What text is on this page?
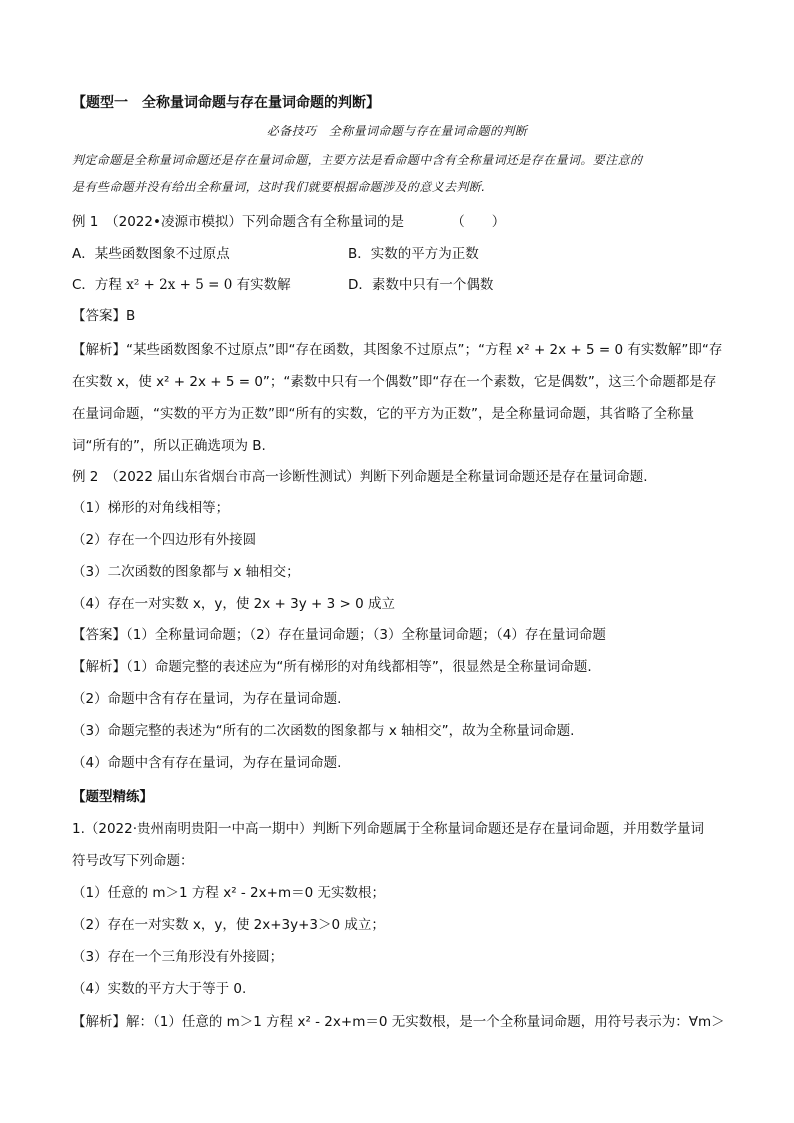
【题型一　全称量词命题与存在量词命题的判断】
必备技巧　全称量词命题与存在量词命题的判断
判定命题是全称量词命题还是存在量词命题，主要方法是看命题中含有全称量词还是存在量词。要注意的
是有些命题并没有给出全称量词，这时我们就要根据命题涉及的意义去判断.
例 1　（2022•凌源市模拟）下列命题含有全称量词的是　　　　（　　）
A．某些函数图象不过原点	B．实数的平方为正数
C．方程 x² + 2x + 5 = 0 有实数解	D．素数中只有一个偶数
【答案】B
【解析】“某些函数图象不过原点”即“存在函数，其图象不过原点”；“方程 x² + 2x + 5 = 0 有实数解”即“存
在实数 x，使 x² + 2x + 5 = 0”；“素数中只有一个偶数”即“存在一个素数，它是偶数”，这三个命题都是存
在量词命题，“实数的平方为正数”即“所有的实数，它的平方为正数”，是全称量词命题，其省略了全称量
词“所有的”，所以正确选项为 B.
例 2　（2022 届山东省烟台市高一诊断性测试）判断下列命题是全称量词命题还是存在量词命题.
（1）梯形的对角线相等；
（2）存在一个四边形有外接圆
（3）二次函数的图象都与 x 轴相交；
（4）存在一对实数 x，y，使 2x + 3y + 3 > 0 成立
【答案】（1）全称量词命题；（2）存在量词命题；（3）全称量词命题；（4）存在量词命题
【解析】（1）命题完整的表述应为“所有梯形的对角线都相等”，很显然是全称量词命题.
（2）命题中含有存在量词，为存在量词命题.
（3）命题完整的表述为“所有的二次函数的图象都与 x 轴相交”，故为全称量词命题.
（4）命题中含有存在量词，为存在量词命题.
【题型精练】
1.（2022·贵州南明贵阳一中高一期中）判断下列命题属于全称量词命题还是存在量词命题，并用数学量词
符号改写下列命题：
（1）任意的 m＞1 方程 x² - 2x+m＝0 无实数根；
（2）存在一对实数 x，y，使 2x+3y+3＞0 成立；
（3）存在一个三角形没有外接圆；
（4）实数的平方大于等于 0.
【解析】解：（1）任意的 m＞1 方程 x² - 2x+m＝0 无实数根，是一个全称量词命题，用符号表示为：∀m＞
